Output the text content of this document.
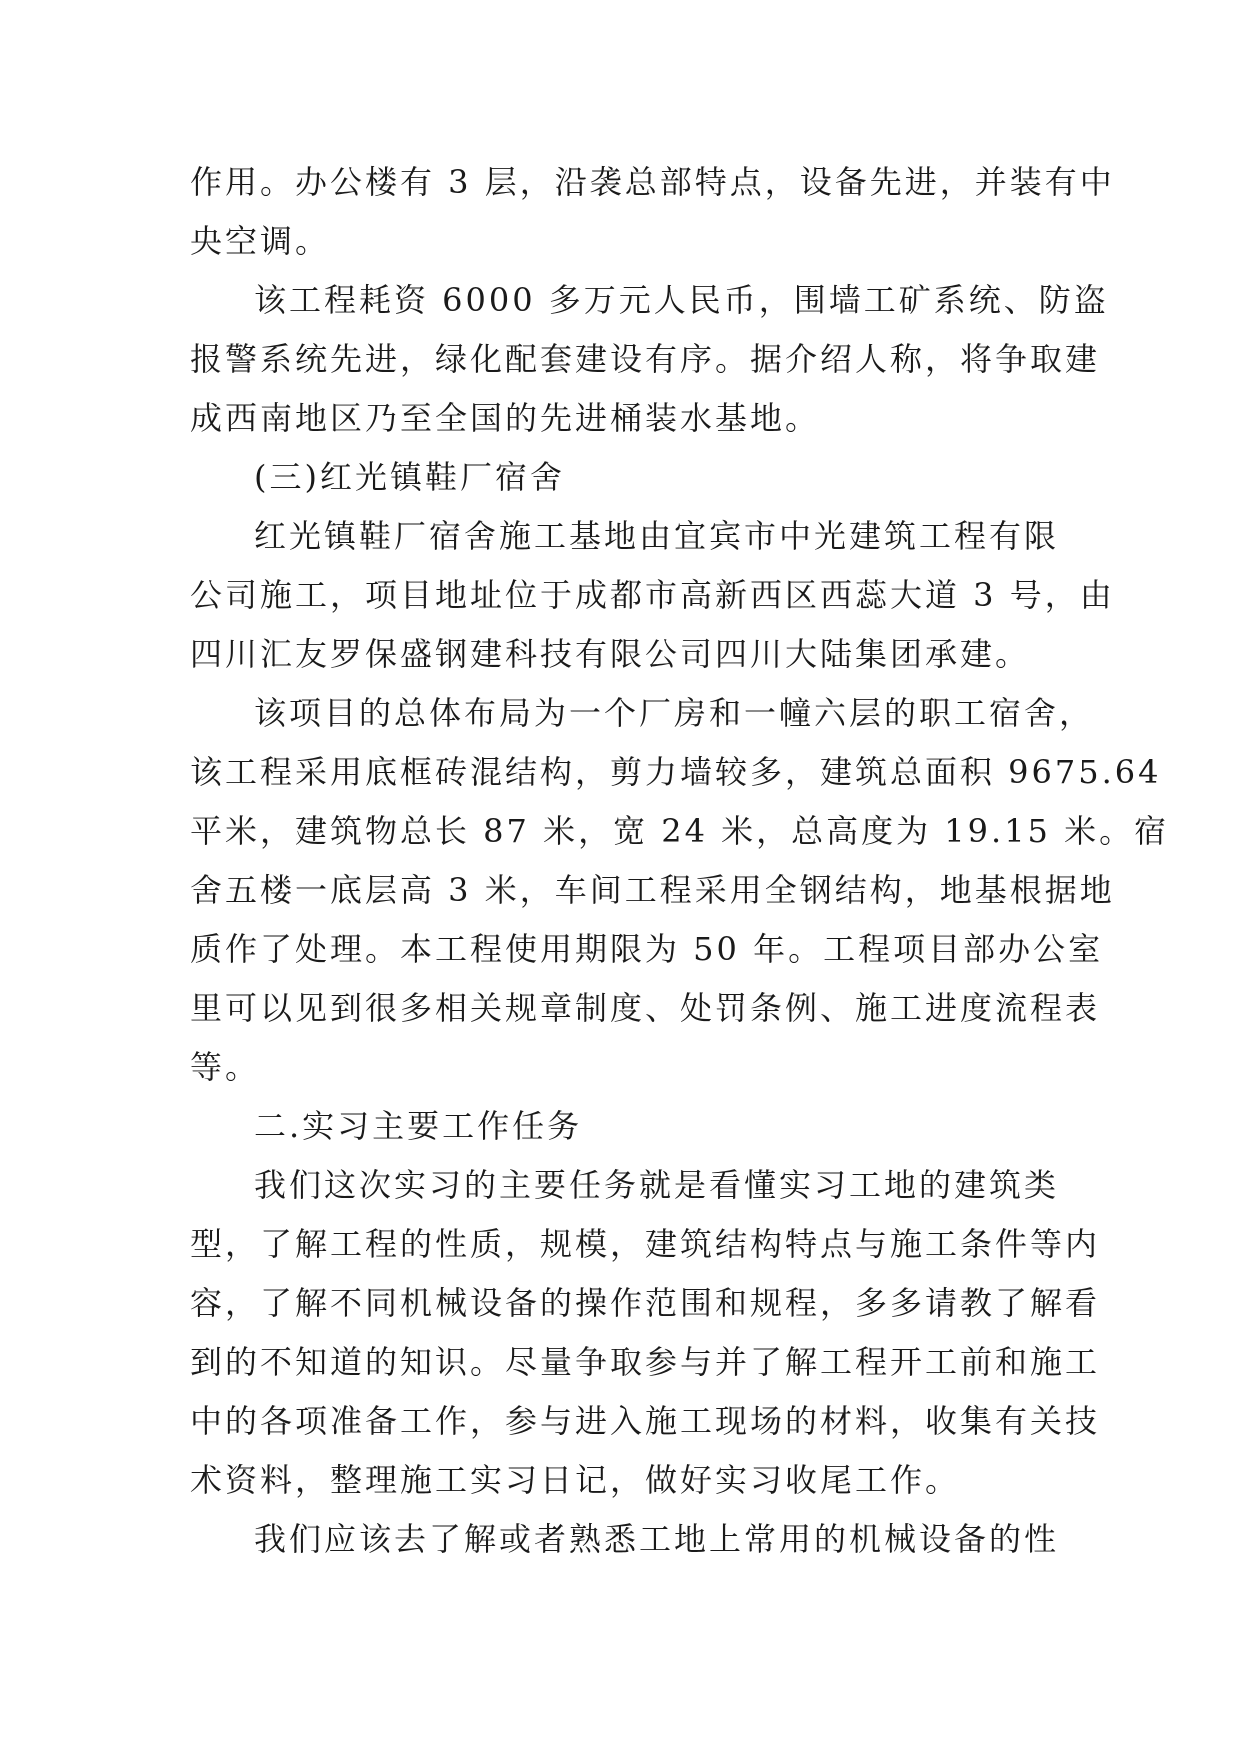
作用。办公楼有 3 层，沿袭总部特点，设备先进，并装有中
央空调。
该工程耗资 6000 多万元人民币，围墙工矿系统、防盗
报警系统先进，绿化配套建设有序。据介绍人称，将争取建
成西南地区乃至全国的先进桶装水基地。
(三)红光镇鞋厂宿舍
红光镇鞋厂宿舍施工基地由宜宾市中光建筑工程有限
公司施工，项目地址位于成都市高新西区西蕊大道 3 号，由
四川汇友罗保盛钢建科技有限公司四川大陆集团承建。
该项目的总体布局为一个厂房和一幢六层的职工宿舍，
该工程采用底框砖混结构，剪力墙较多，建筑总面积 9675.64
平米，建筑物总长 87 米，宽 24 米，总高度为 19.15 米。宿
舍五楼一底层高 3 米，车间工程采用全钢结构，地基根据地
质作了处理。本工程使用期限为 50 年。工程项目部办公室
里可以见到很多相关规章制度、处罚条例、施工进度流程表
等。
二.实习主要工作任务
我们这次实习的主要任务就是看懂实习工地的建筑类
型，了解工程的性质，规模，建筑结构特点与施工条件等内
容，了解不同机械设备的操作范围和规程，多多请教了解看
到的不知道的知识。尽量争取参与并了解工程开工前和施工
中的各项准备工作，参与进入施工现场的材料，收集有关技
术资料，整理施工实习日记，做好实习收尾工作。
我们应该去了解或者熟悉工地上常用的机械设备的性
